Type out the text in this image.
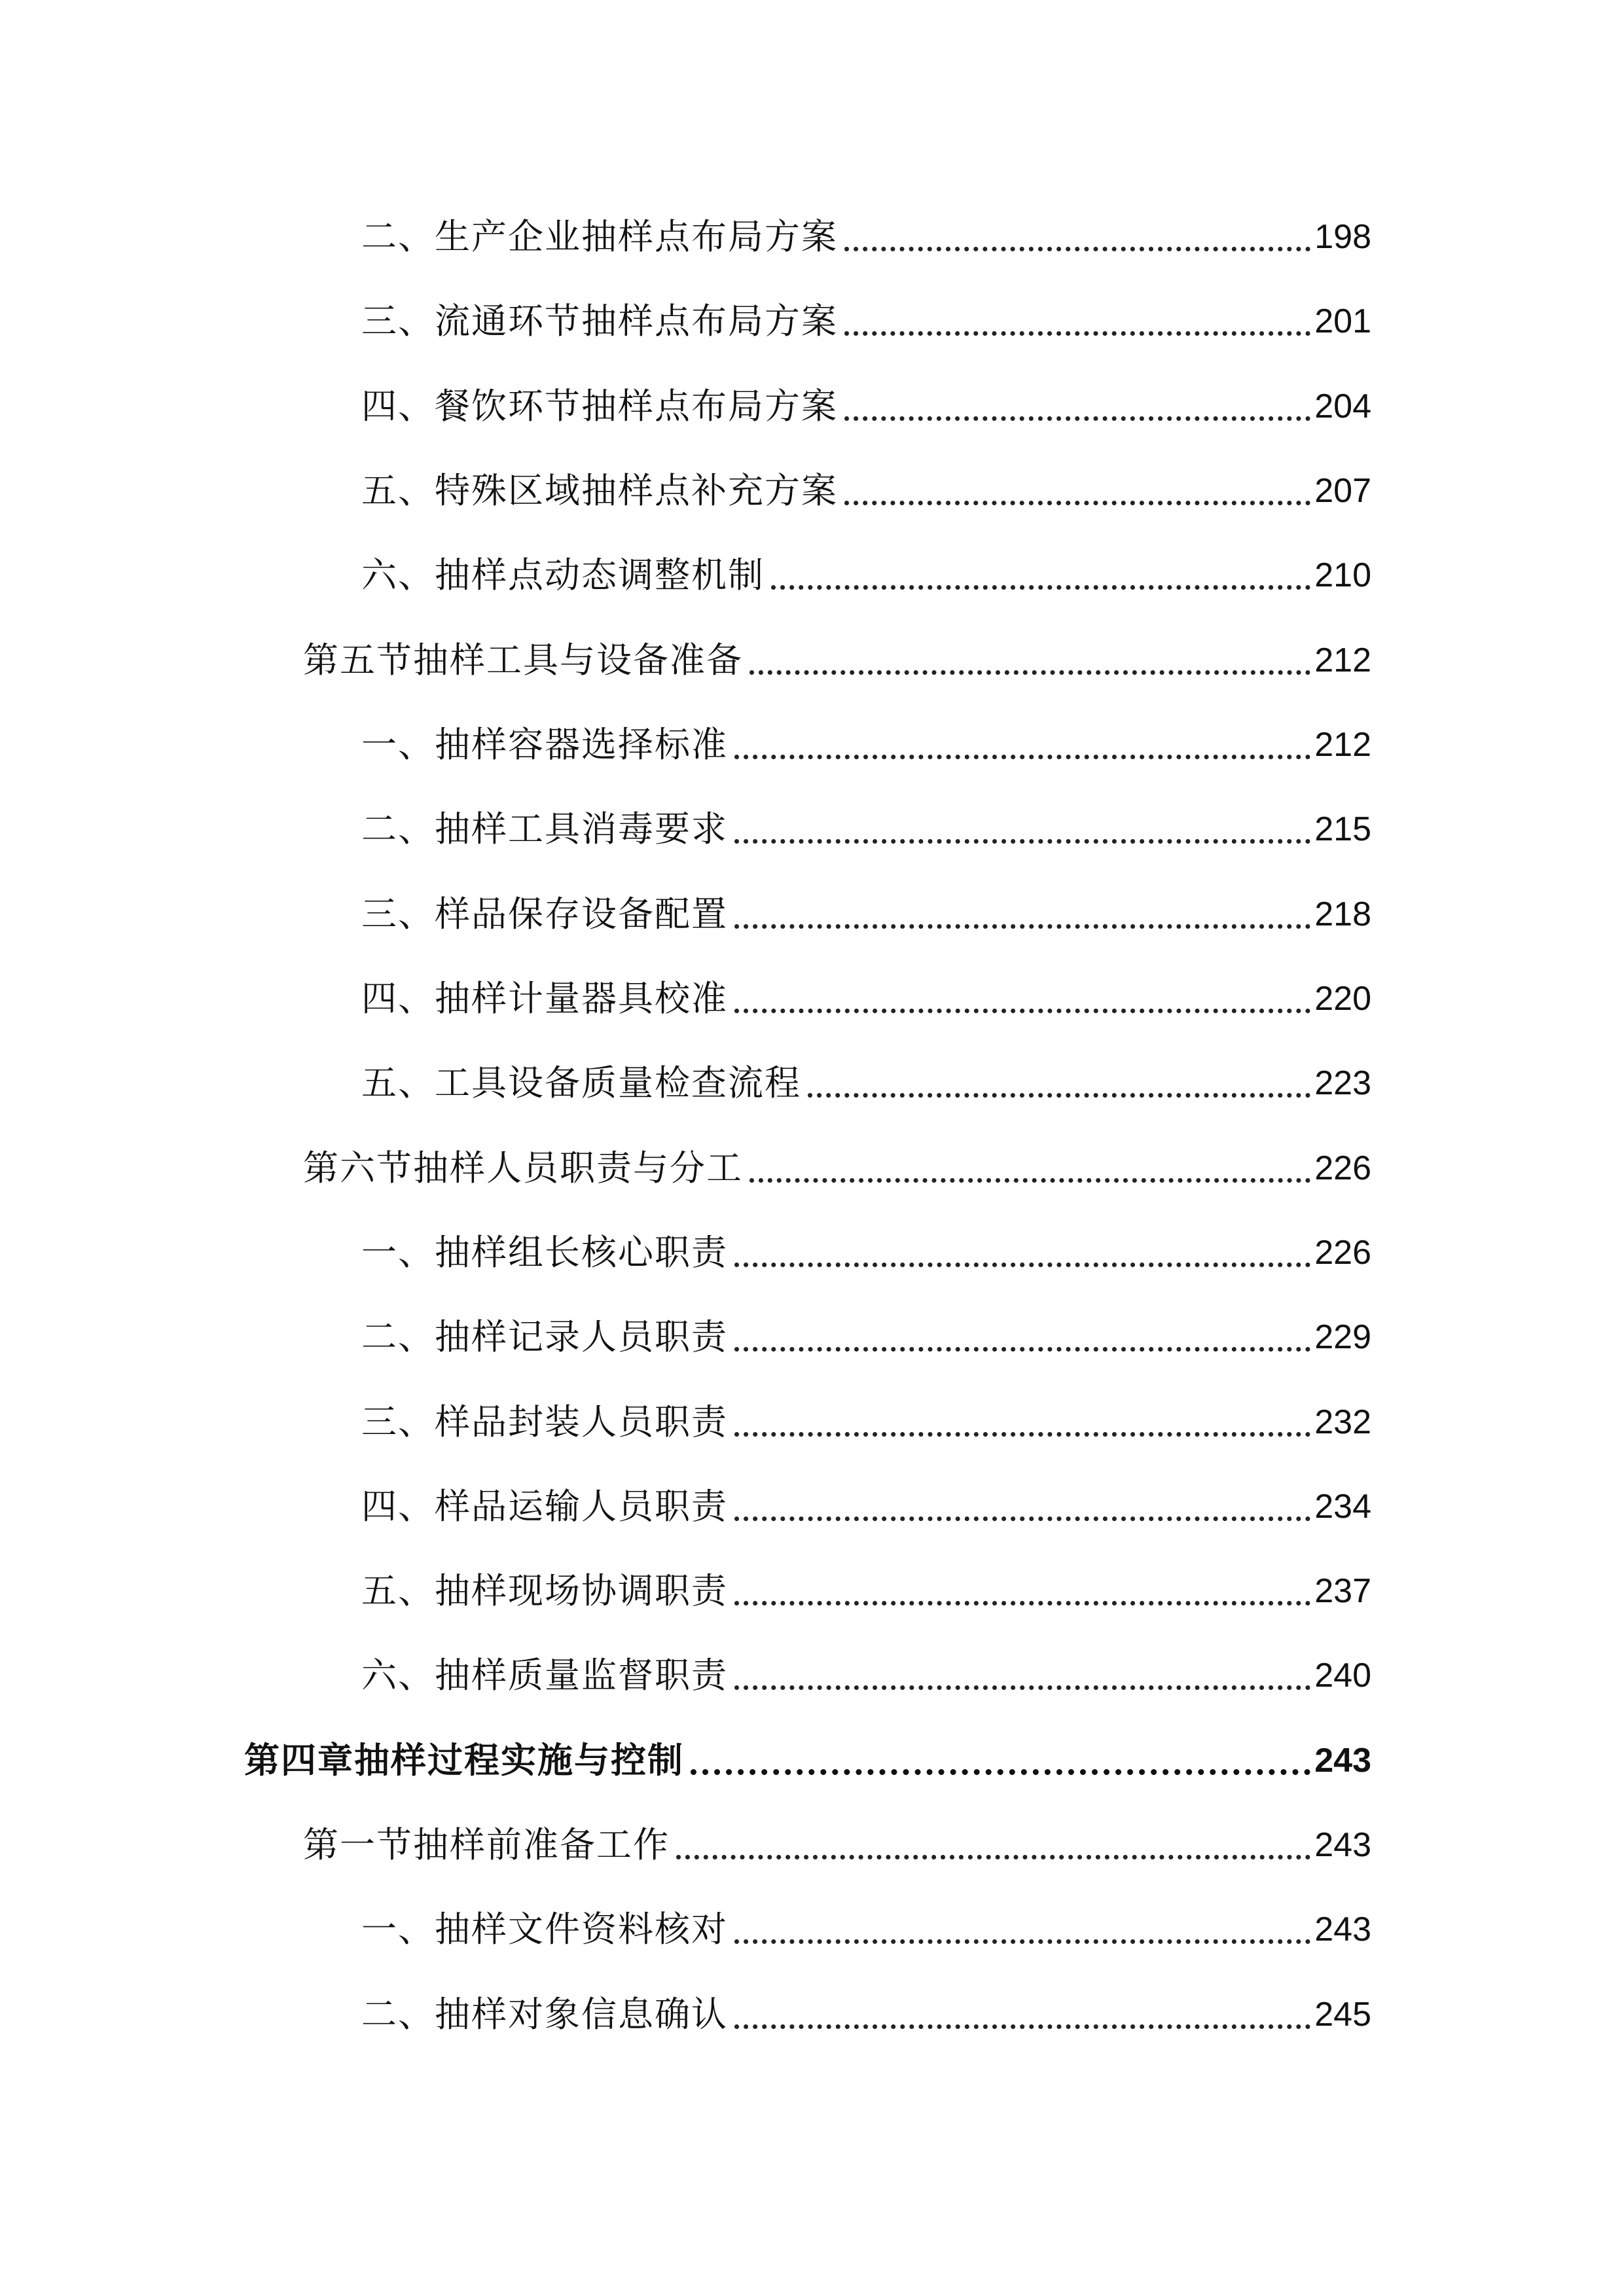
二、生产企业抽样点布局方案	198
三、流通环节抽样点布局方案	201
四、餐饮环节抽样点布局方案	204
五、特殊区域抽样点补充方案	207
六、抽样点动态调整机制	210
第五节抽样工具与设备准备	212
一、抽样容器选择标准	212
二、抽样工具消毒要求	215
三、样品保存设备配置	218
四、抽样计量器具校准	220
五、工具设备质量检查流程	223
第六节抽样人员职责与分工	226
一、抽样组长核心职责	226
二、抽样记录人员职责	229
三、样品封装人员职责	232
四、样品运输人员职责	234
五、抽样现场协调职责	237
六、抽样质量监督职责	240
第四章抽样过程实施与控制	243
第一节抽样前准备工作	243
一、抽样文件资料核对	243
二、抽样对象信息确认	245
